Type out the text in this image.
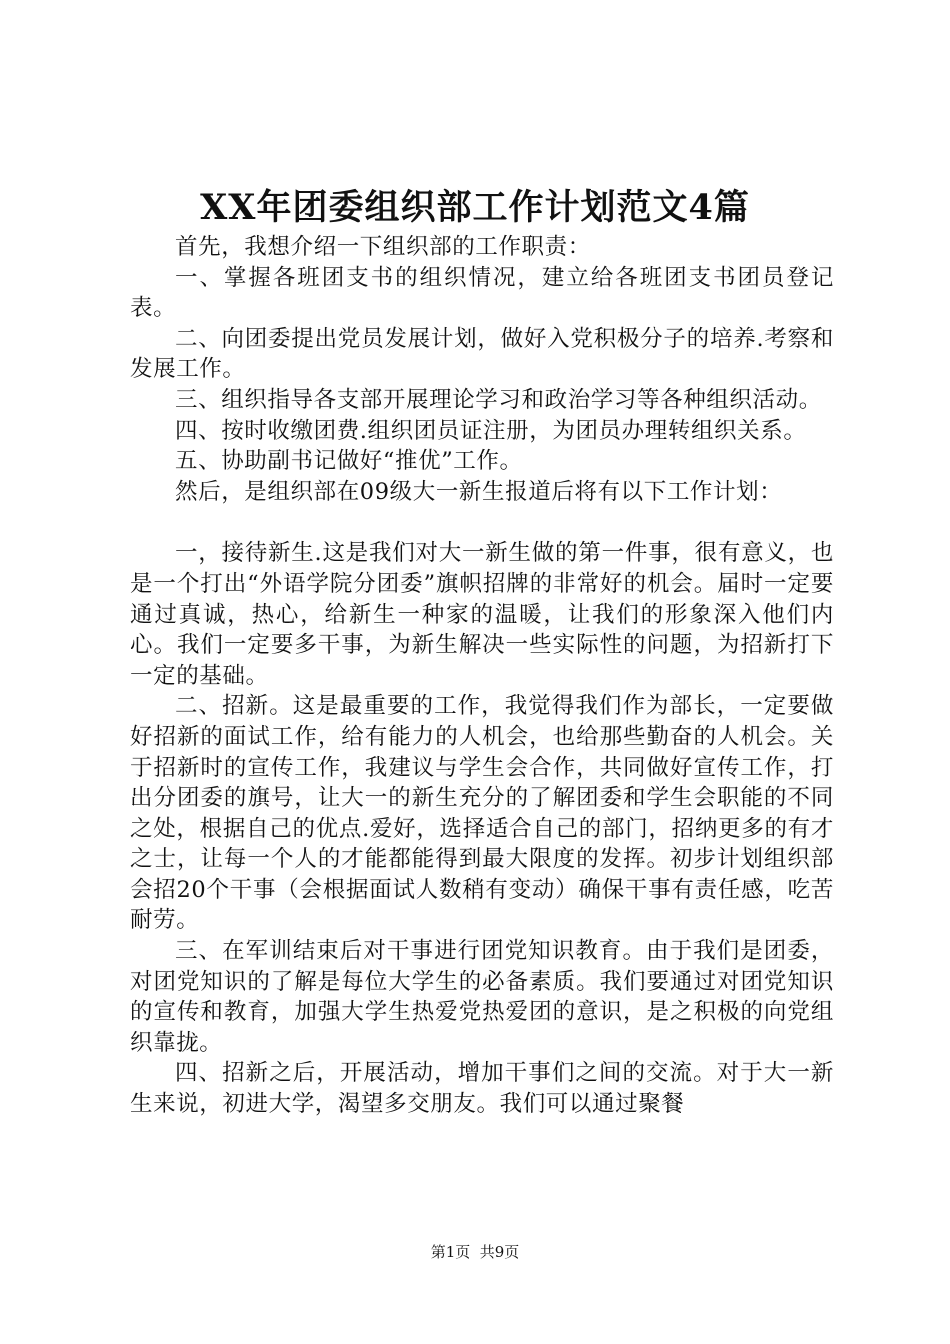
XX年团委组织部工作计划范文4篇

首先，我想介绍一下组织部的工作职责：

一、掌握各班团支书的组织情况，建立给各班团支书团员登记表。

二、向团委提出党员发展计划，做好入党积极分子的培养.考察和发展工作。

三、组织指导各支部开展理论学习和政治学习等各种组织活动。

四、按时收缴团费.组织团员证注册，为团员办理转组织关系。

五、协助副书记做好“推优”工作。

然后，是组织部在09级大一新生报道后将有以下工作计划：

一，接待新生.这是我们对大一新生做的第一件事，很有意义，也是一个打出“外语学院分团委”旗帜招牌的非常好的机会。届时一定要通过真诚，热心，给新生一种家的温暖，让我们的形象深入他们内心。我们一定要多干事，为新生解决一些实际性的问题，为招新打下一定的基础。

二、招新。这是最重要的工作，我觉得我们作为部长，一定要做好招新的面试工作，给有能力的人机会，也给那些勤奋的人机会。关于招新时的宣传工作，我建议与学生会合作，共同做好宣传工作，打出分团委的旗号，让大一的新生充分的了解团委和学生会职能的不同之处，根据自己的优点.爱好，选择适合自己的部门，招纳更多的有才之士，让每一个人的才能都能得到最大限度的发挥。初步计划组织部会招20个干事（会根据面试人数稍有变动）确保干事有责任感，吃苦耐劳。

三、在军训结束后对干事进行团党知识教育。由于我们是团委，对团党知识的了解是每位大学生的必备素质。我们要通过对团党知识的宣传和教育，加强大学生热爱党热爱团的意识，是之积极的向党组织靠拢。

四、招新之后，开展活动，增加干事们之间的交流。对于大一新生来说，初进大学，渴望多交朋友。我们可以通过聚餐

第1页  共9页
